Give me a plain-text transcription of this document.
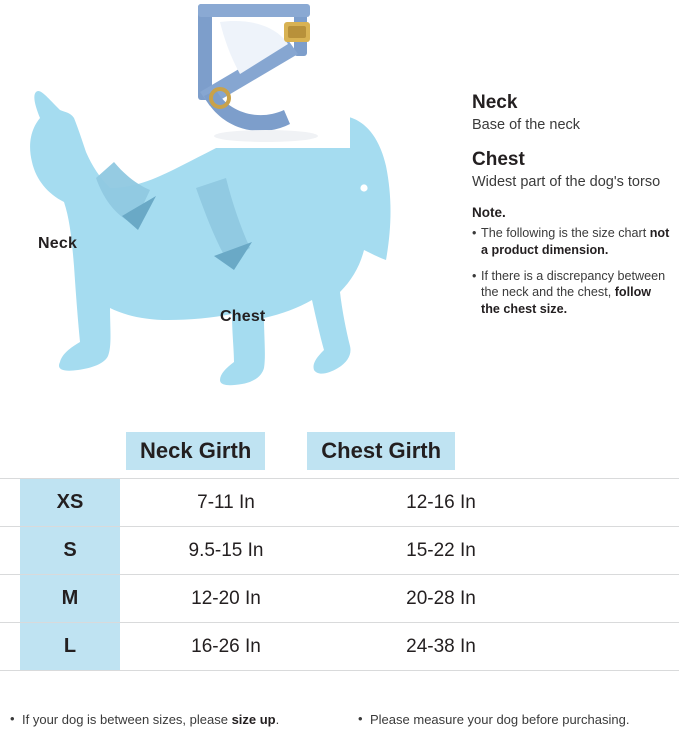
Neck
Chest
Neck

Base of the neck

Chest

Widest part of the dog's torso

Note.

• The following is the size chart not a product dimension.

• If there is a discrepancy between the neck and the chest, follow the chest size.

Neck Girth	Chest Girth
XS	7-11 In	12-16 In
S	9.5-15 In	15-22 In
M	12-20 In	20-28 In
L	16-26 In	24-38 In
• If your dog is between sizes, please size up.	• Please measure your dog before purchasing.
